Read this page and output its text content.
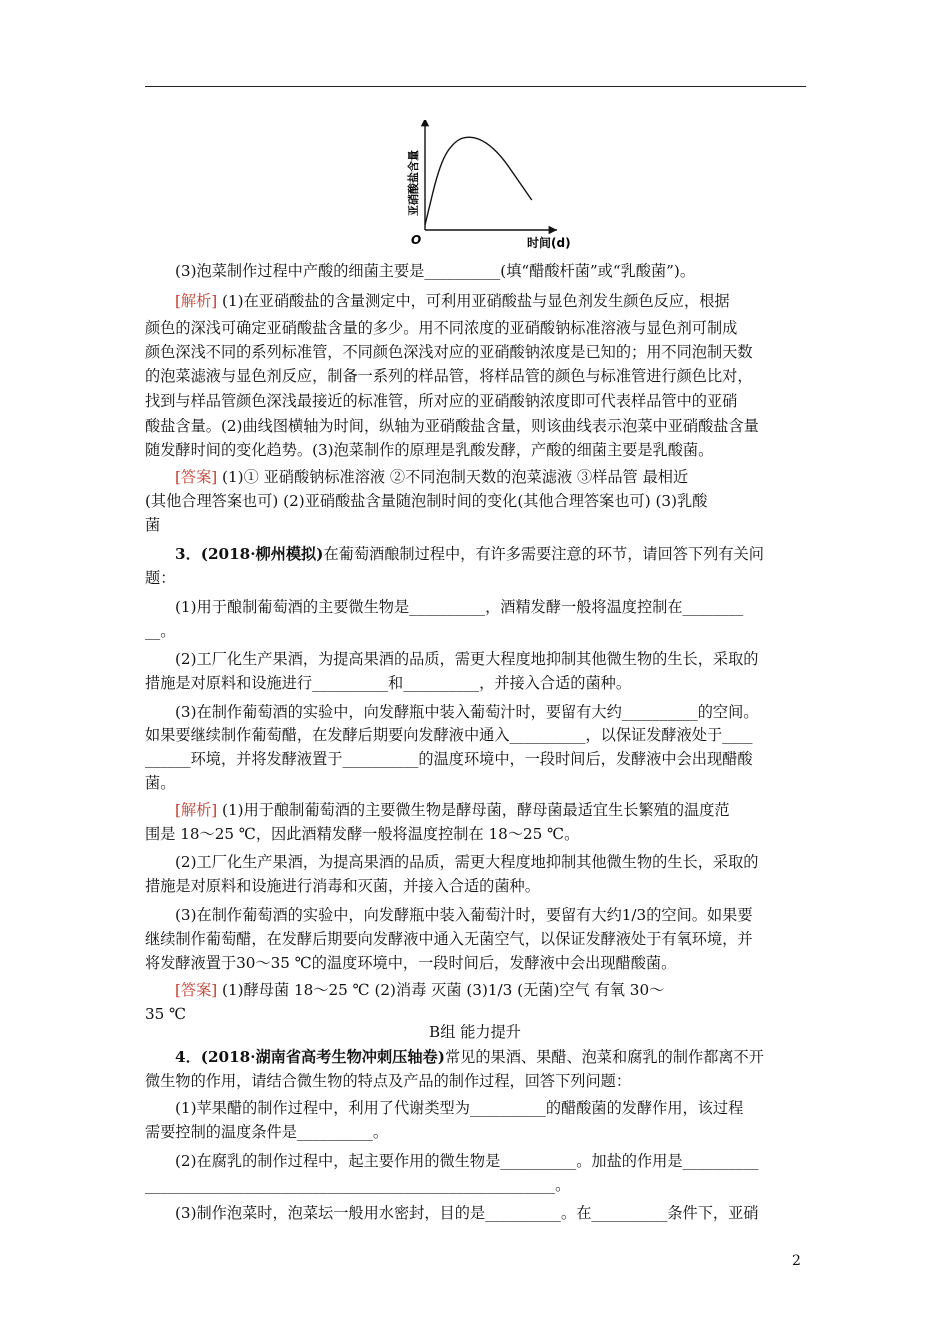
O	时间(d)
亚硝酸盐含量
(3)泡菜制作过程中产酸的细菌主要是__________(填“醋酸杆菌”或“乳酸菌”)。
[解析] (1)在亚硝酸盐的含量测定中，可利用亚硝酸盐与显色剂发生颜色反应，根据
颜色的深浅可确定亚硝酸盐含量的多少。用不同浓度的亚硝酸钠标准溶液与显色剂可制成
颜色深浅不同的系列标准管，不同颜色深浅对应的亚硝酸钠浓度是已知的；用不同泡制天数
的泡菜滤液与显色剂反应，制备一系列的样品管，将样品管的颜色与标准管进行颜色比对，
找到与样品管颜色深浅最接近的标准管，所对应的亚硝酸钠浓度即可代表样品管中的亚硝
酸盐含量。(2)曲线图横轴为时间，纵轴为亚硝酸盐含量，则该曲线表示泡菜中亚硝酸盐含量
随发酵时间的变化趋势。(3)泡菜制作的原理是乳酸发酵，产酸的细菌主要是乳酸菌。
[答案] (1)① 亚硝酸钠标准溶液 ②不同泡制天数的泡菜滤液 ③样品管 最相近
(其他合理答案也可) (2)亚硝酸盐含量随泡制时间的变化(其他合理答案也可) (3)乳酸
菌
3．(2018·柳州模拟)在葡萄酒酿制过程中，有许多需要注意的环节，请回答下列有关问
题：
(1)用于酿制葡萄酒的主要微生物是__________，酒精发酵一般将温度控制在________
__。
(2)工厂化生产果酒，为提高果酒的品质，需更大程度地抑制其他微生物的生长，采取的
措施是对原料和设施进行__________和__________，并接入合适的菌种。
(3)在制作葡萄酒的实验中，向发酵瓶中装入葡萄汁时，要留有大约__________的空间。
如果要继续制作葡萄醋，在发酵后期要向发酵液中通入__________，以保证发酵液处于____
______环境，并将发酵液置于__________的温度环境中，一段时间后，发酵液中会出现醋酸
菌。
[解析] (1)用于酿制葡萄酒的主要微生物是酵母菌，酵母菌最适宜生长繁殖的温度范
围是 18～25 ℃，因此酒精发酵一般将温度控制在 18～25 ℃。
(2)工厂化生产果酒，为提高果酒的品质，需更大程度地抑制其他微生物的生长，采取的
措施是对原料和设施进行消毒和灭菌，并接入合适的菌种。
(3)在制作葡萄酒的实验中，向发酵瓶中装入葡萄汁时，要留有大约1/3的空间。如果要
继续制作葡萄醋，在发酵后期要向发酵液中通入无菌空气，以保证发酵液处于有氧环境，并
将发酵液置于30～35 ℃的温度环境中，一段时间后，发酵液中会出现醋酸菌。
[答案] (1)酵母菌 18～25 ℃ (2)消毒 灭菌 (3)1/3 (无菌)空气 有氧 30～
35 ℃
B组 能力提升
4．(2018·湖南省高考生物冲刺压轴卷)常见的果酒、果醋、泡菜和腐乳的制作都离不开
微生物的作用，请结合微生物的特点及产品的制作过程，回答下列问题：
(1)苹果醋的制作过程中，利用了代谢类型为__________的醋酸菌的发酵作用，该过程
需要控制的温度条件是__________。
(2)在腐乳的制作过程中，起主要作用的微生物是__________。加盐的作用是__________
______________________________________________________。
(3)制作泡菜时，泡菜坛一般用水密封，目的是__________。在__________条件下，亚硝
2
